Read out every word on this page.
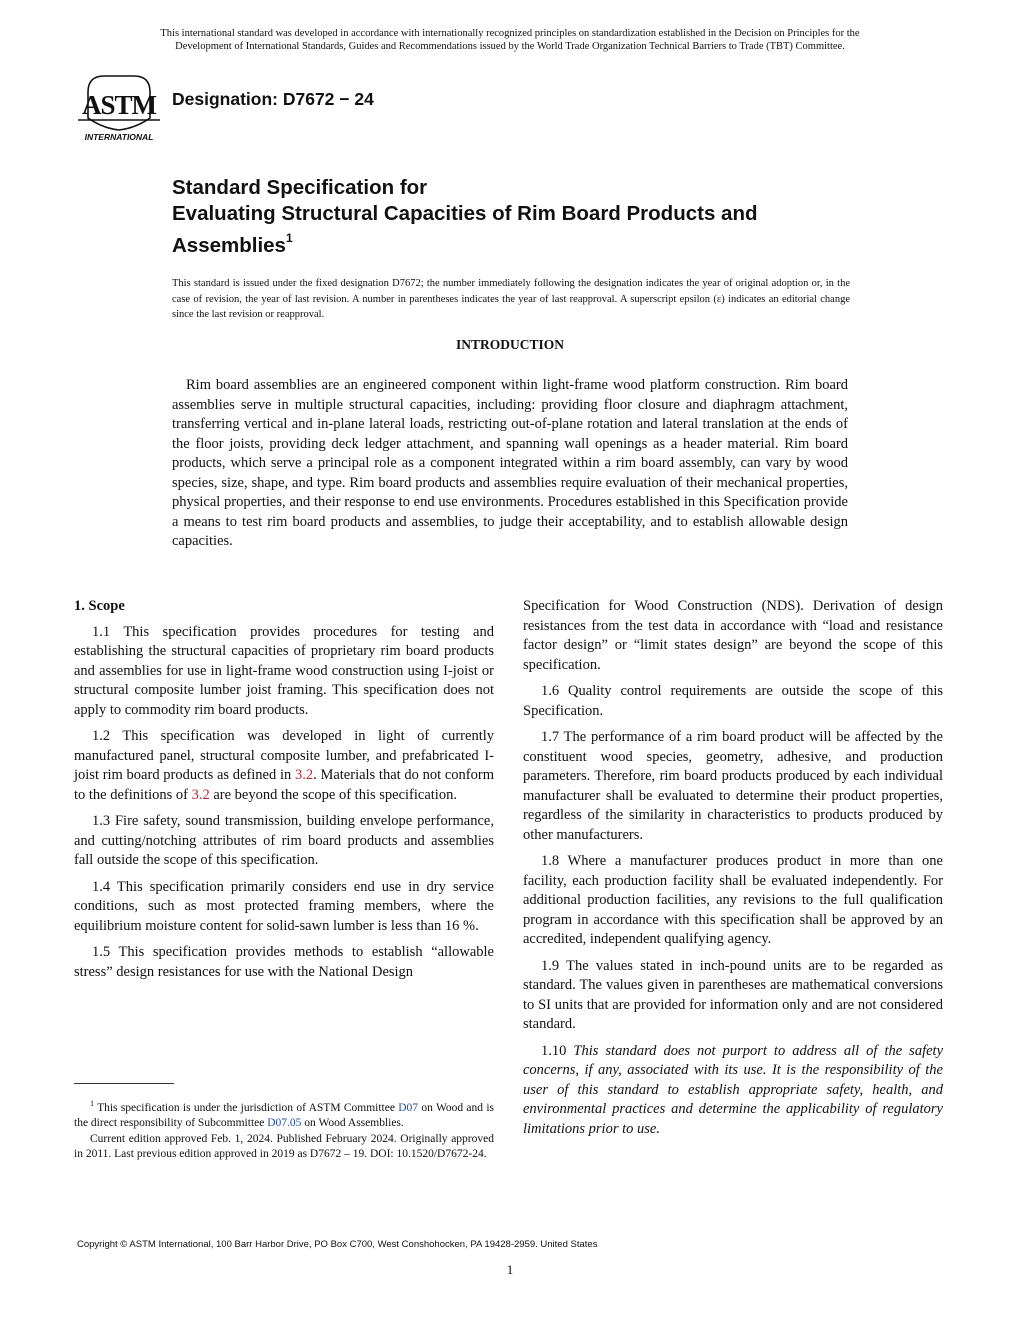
This international standard was developed in accordance with internationally recognized principles on standardization established in the Decision on Principles for the
Development of International Standards, Guides and Recommendations issued by the World Trade Organization Technical Barriers to Trade (TBT) Committee.
ASTM
INTERNATIONAL
Designation: D7672 − 24
Standard Specification for
Evaluating Structural Capacities of Rim Board Products and
Assemblies$^1$
This standard is issued under the fixed designation D7672; the number immediately following the designation indicates the year of original adoption or, in the case of revision, the year of last revision. A number in parentheses indicates the year of last reapproval. A superscript epsilon (ε) indicates an editorial change since the last revision or reapproval.
INTRODUCTION

Rim board assemblies are an engineered component within light-frame wood platform construction. Rim board assemblies serve in multiple structural capacities, including: providing floor closure and diaphragm attachment, transferring vertical and in-plane lateral loads, restricting out-of-plane rotation and lateral translation at the ends of the floor joists, providing deck ledger attachment, and spanning wall openings as a header material. Rim board products, which serve a principal role as a component integrated within a rim board assembly, can vary by wood species, size, shape, and type. Rim board products and assemblies require evaluation of their mechanical properties, physical properties, and their response to end use environments. Procedures established in this Specification provide a means to test rim board products and assemblies, to judge their acceptability, and to establish allowable design capacities.

1. Scope

1.1 This specification provides procedures for testing and establishing the structural capacities of proprietary rim board products and assemblies for use in light-frame wood construction using I-joist or structural composite lumber joist framing. This specification does not apply to commodity rim board products.

1.2 This specification was developed in light of currently manufactured panel, structural composite lumber, and prefabricated I-joist rim board products as defined in 3.2. Materials that do not conform to the definitions of 3.2 are beyond the scope of this specification.

1.3 Fire safety, sound transmission, building envelope performance, and cutting/notching attributes of rim board products and assemblies fall outside the scope of this specification.

1.4 This specification primarily considers end use in dry service conditions, such as most protected framing members, where the equilibrium moisture content for solid-sawn lumber is less than 16 %.

1.5 This specification provides methods to establish “allowable stress” design resistances for use with the National Design

Specification for Wood Construction (NDS). Derivation of design resistances from the test data in accordance with “load and resistance factor design” or “limit states design” are beyond the scope of this specification.

1.6 Quality control requirements are outside the scope of this Specification.

1.7 The performance of a rim board product will be affected by the constituent wood species, geometry, adhesive, and production parameters. Therefore, rim board products produced by each individual manufacturer shall be evaluated to determine their product properties, regardless of the similarity in characteristics to products produced by other manufacturers.

1.8 Where a manufacturer produces product in more than one facility, each production facility shall be evaluated independently. For additional production facilities, any revisions to the full qualification program in accordance with this specification shall be approved by an accredited, independent qualifying agency.

1.9 The values stated in inch-pound units are to be regarded as standard. The values given in parentheses are mathematical conversions to SI units that are provided for information only and are not considered standard.

1.10 This standard does not purport to address all of the safety concerns, if any, associated with its use. It is the responsibility of the user of this standard to establish appropriate safety, health, and environmental practices and determine the applicability of regulatory limitations prior to use.

$^1$ This specification is under the jurisdiction of ASTM Committee D07 on Wood and is the direct responsibility of Subcommittee D07.05 on Wood Assemblies.

Current edition approved Feb. 1, 2024. Published February 2024. Originally approved in 2011. Last previous edition approved in 2019 as D7672 – 19. DOI: 10.1520/D7672-24.

Copyright © ASTM International, 100 Barr Harbor Drive, PO Box C700, West Conshohocken, PA 19428-2959. United States
1
